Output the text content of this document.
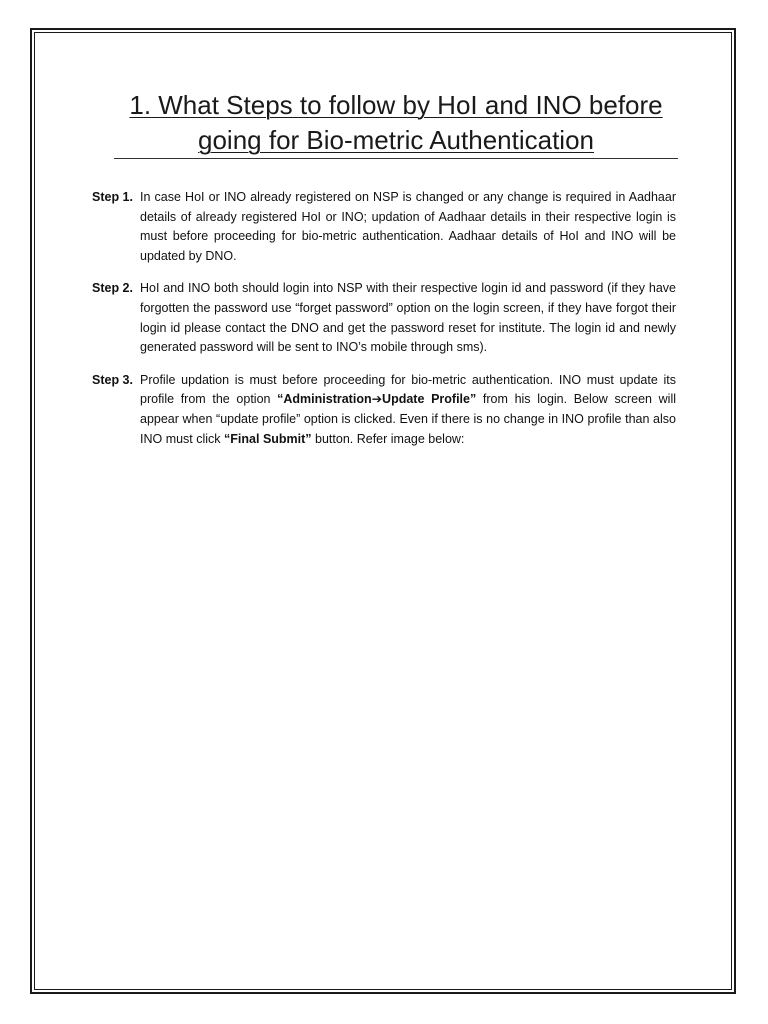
1. What Steps to follow by HoI and INO before
going for Bio-metric Authentication
Step 1. In case HoI or INO already registered on NSP is changed or any change is required in Aadhaar details of already registered HoI or INO; updation of Aadhaar details in their respective login is must before proceeding for bio-metric authentication. Aadhaar details of HoI and INO will be updated by DNO.
Step 2. HoI and INO both should login into NSP with their respective login id and password (if they have forgotten the password use “forget password” option on the login screen, if they have forgot their login id please contact the DNO and get the password reset for institute. The login id and newly generated password will be sent to INO’s mobile through sms).
Step 3. Profile updation is must before proceeding for bio-metric authentication. INO must update its profile from the option “Administration➔Update Profile” from his login. Below screen will appear when “update profile” option is clicked. Even if there is no change in INO profile than also INO must click “Final Submit” button. Refer image below:
